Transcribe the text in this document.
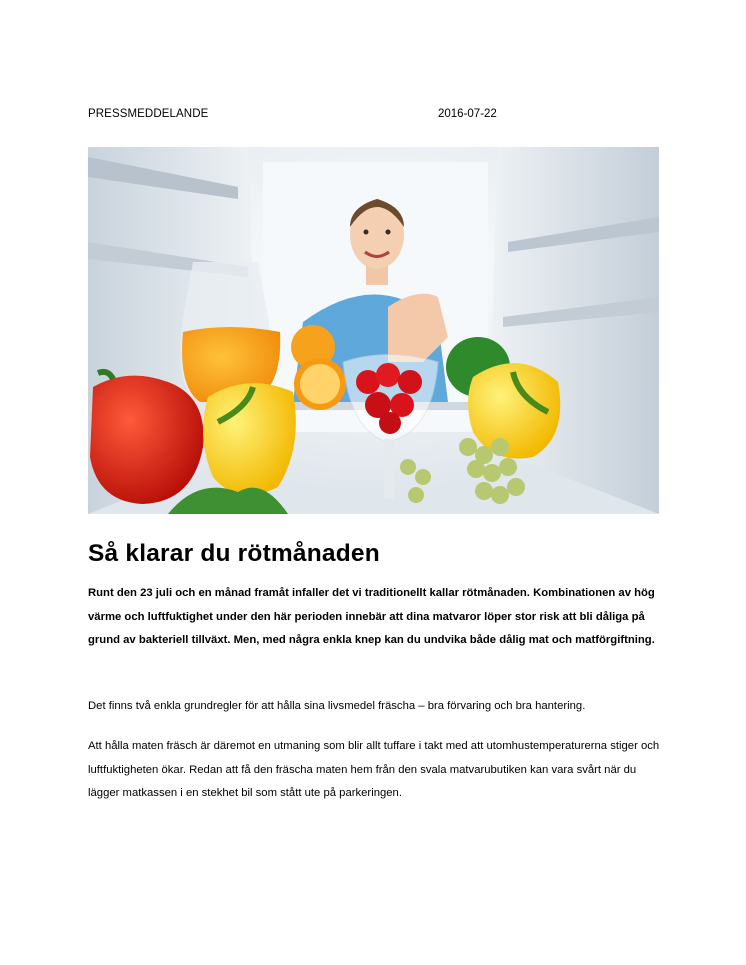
PRESSMEDDELANDE	2016-07-22
Så klarar du rötmånaden

Runt den 23 juli och en månad framåt infaller det vi traditionellt kallar rötmånaden. Kombinationen av hög värme och luftfuktighet under den här perioden innebär att dina matvaror löper stor risk att bli dåliga på grund av bakteriell tillväxt. Men, med några enkla knep kan du undvika både dålig mat och matförgiftning.

Det finns två enkla grundregler för att hålla sina livsmedel fräscha – bra förvaring och bra hantering.

Att hålla maten fräsch är däremot en utmaning som blir allt tuffare i takt med att utomhustemperaturerna stiger och luftfuktigheten ökar. Redan att få den fräscha maten hem från den svala matvarubutiken kan vara svårt när du lägger matkassen i en stekhet bil som stått ute på parkeringen.
